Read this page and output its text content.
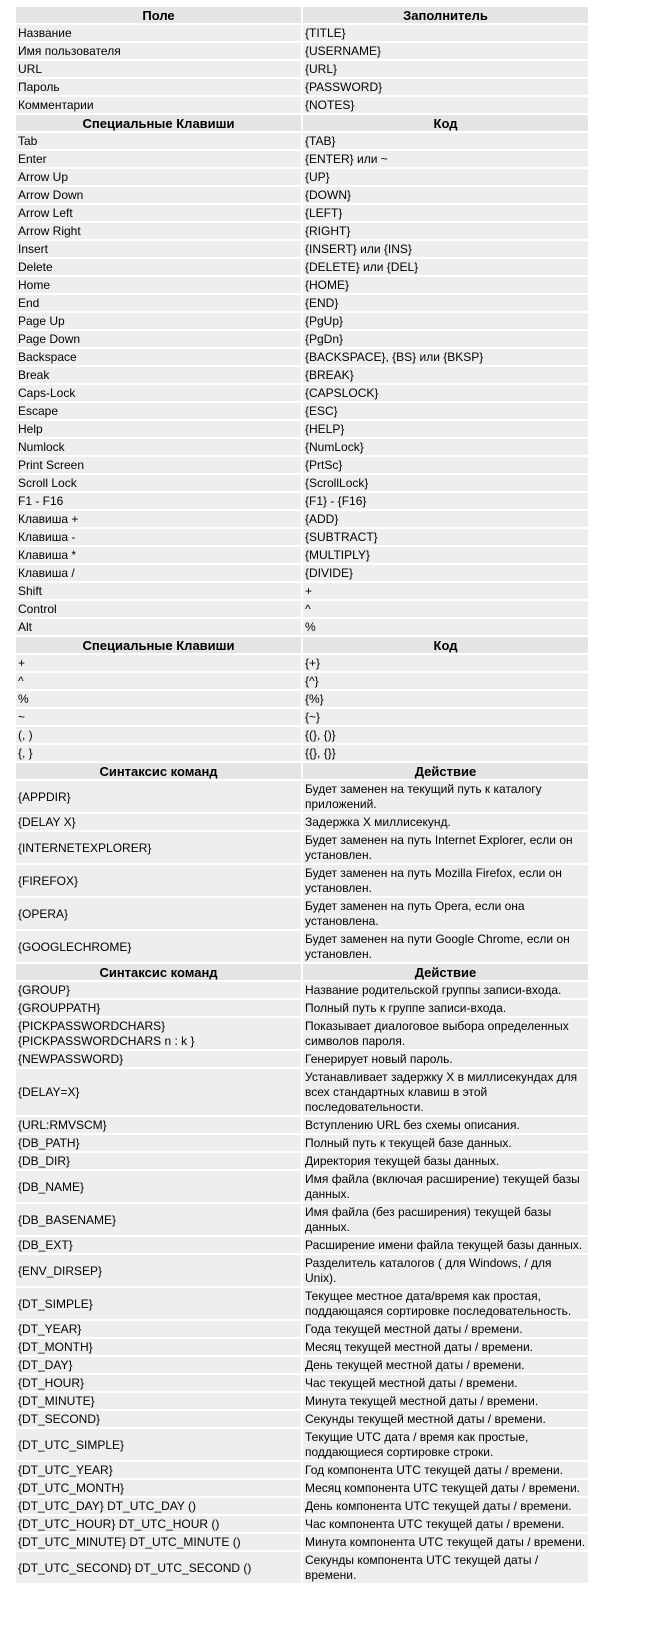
Поле	Заполнитель
Название	{TITLE}
Имя пользователя	{USERNAME}
URL	{URL}
Пароль	{PASSWORD}
Комментарии	{NOTES}
Специальные Клавиши	Код
Tab	{TAB}
Enter	{ENTER} или ~
Arrow Up	{UP}
Arrow Down	{DOWN}
Arrow Left	{LEFT}
Arrow Right	{RIGHT}
Insert	{INSERT} или {INS}
Delete	{DELETE} или {DEL}
Home	{HOME}
End	{END}
Page Up	{PgUp}
Page Down	{PgDn}
Backspace	{BACKSPACE}, {BS} или {BKSP}
Break	{BREAK}
Caps-Lock	{CAPSLOCK}
Escape	{ESC}
Help	{HELP}
Numlock	{NumLock}
Print Screen	{PrtSc}
Scroll Lock	{ScrollLock}
F1 - F16	{F1} - {F16}
Клавиша +	{ADD}
Клавиша -	{SUBTRACT}
Клавиша *	{MULTIPLY}
Клавиша /	{DIVIDE}
Shift	+
Control	^
Alt	%
Специальные Клавиши	Код
+	{+}
^	{^}
%	{%}
~	{~}
(, )	{(}, {)}
{, }	{{}, {}}
Синтаксис команд	Действие
{APPDIR}	Будет заменен на текущий путь к каталогу приложений.
{DELAY X}	Задержка X миллисекунд.
{INTERNETEXPLORER}	Будет заменен на путь Internet Explorer, если он установлен.
{FIREFOX}	Будет заменен на путь Mozilla Firefox, если он установлен.
{OPERA}	Будет заменен на путь Opera, если она установлена.
{GOOGLECHROME}	Будет заменен на пути Google Chrome, если он установлен.
Синтаксис команд	Действие
{GROUP}	Название родительской группы записи-входа.
{GROUPPATH}	Полный путь к группе записи-входа.
{PICKPASSWORDCHARS} {PICKPASSWORDCHARS n : k }	Показывает диалоговое выбора определенных символов пароля.
{NEWPASSWORD}	Генерирует новый пароль.
{DELAY=X}	Устанавливает задержку X в миллисекундах для всех стандартных клавиш в этой последовательности.
{URL:RMVSCM}	Вступлению URL без схемы описания.
{DB_PATH}	Полный путь к текущей базе данных.
{DB_DIR}	Директория текущей базы данных.
{DB_NAME}	Имя файла (включая расширение) текущей базы данных.
{DB_BASENAME}	Имя файла (без расширения) текущей базы данных.
{DB_EXT}	Расширение имени файла текущей базы данных.
{ENV_DIRSEP}	Разделитель каталогов ( для Windows, / для Unix).
{DT_SIMPLE}	Текущее местное дата/время как простая, поддающаяся сортировке последовательность.
{DT_YEAR}	Года текущей местной даты / времени.
{DT_MONTH}	Месяц текущей местной даты / времени.
{DT_DAY}	День текущей местной даты / времени.
{DT_HOUR}	Час текущей местной даты / времени.
{DT_MINUTE}	Минута текущей местной даты / времени.
{DT_SECOND}	Секунды текущей местной даты / времени.
{DT_UTC_SIMPLE}	Текущие UTC дата / время как простые, поддающиеся сортировке строки.
{DT_UTC_YEAR}	Год компонента UTC текущей даты / времени.
{DT_UTC_MONTH}	Месяц компонента UTC текущей даты / времени.
{DT_UTC_DAY} DT_UTC_DAY ()	День компонента UTC текущей даты / времени.
{DT_UTC_HOUR} DT_UTC_HOUR ()	Час компонента UTC текущей даты / времени.
{DT_UTC_MINUTE} DT_UTC_MINUTE ()	Минута компонента UTC текущей даты / времени.
{DT_UTC_SECOND} DT_UTC_SECOND ()	Секунды компонента UTC текущей даты / времени.
